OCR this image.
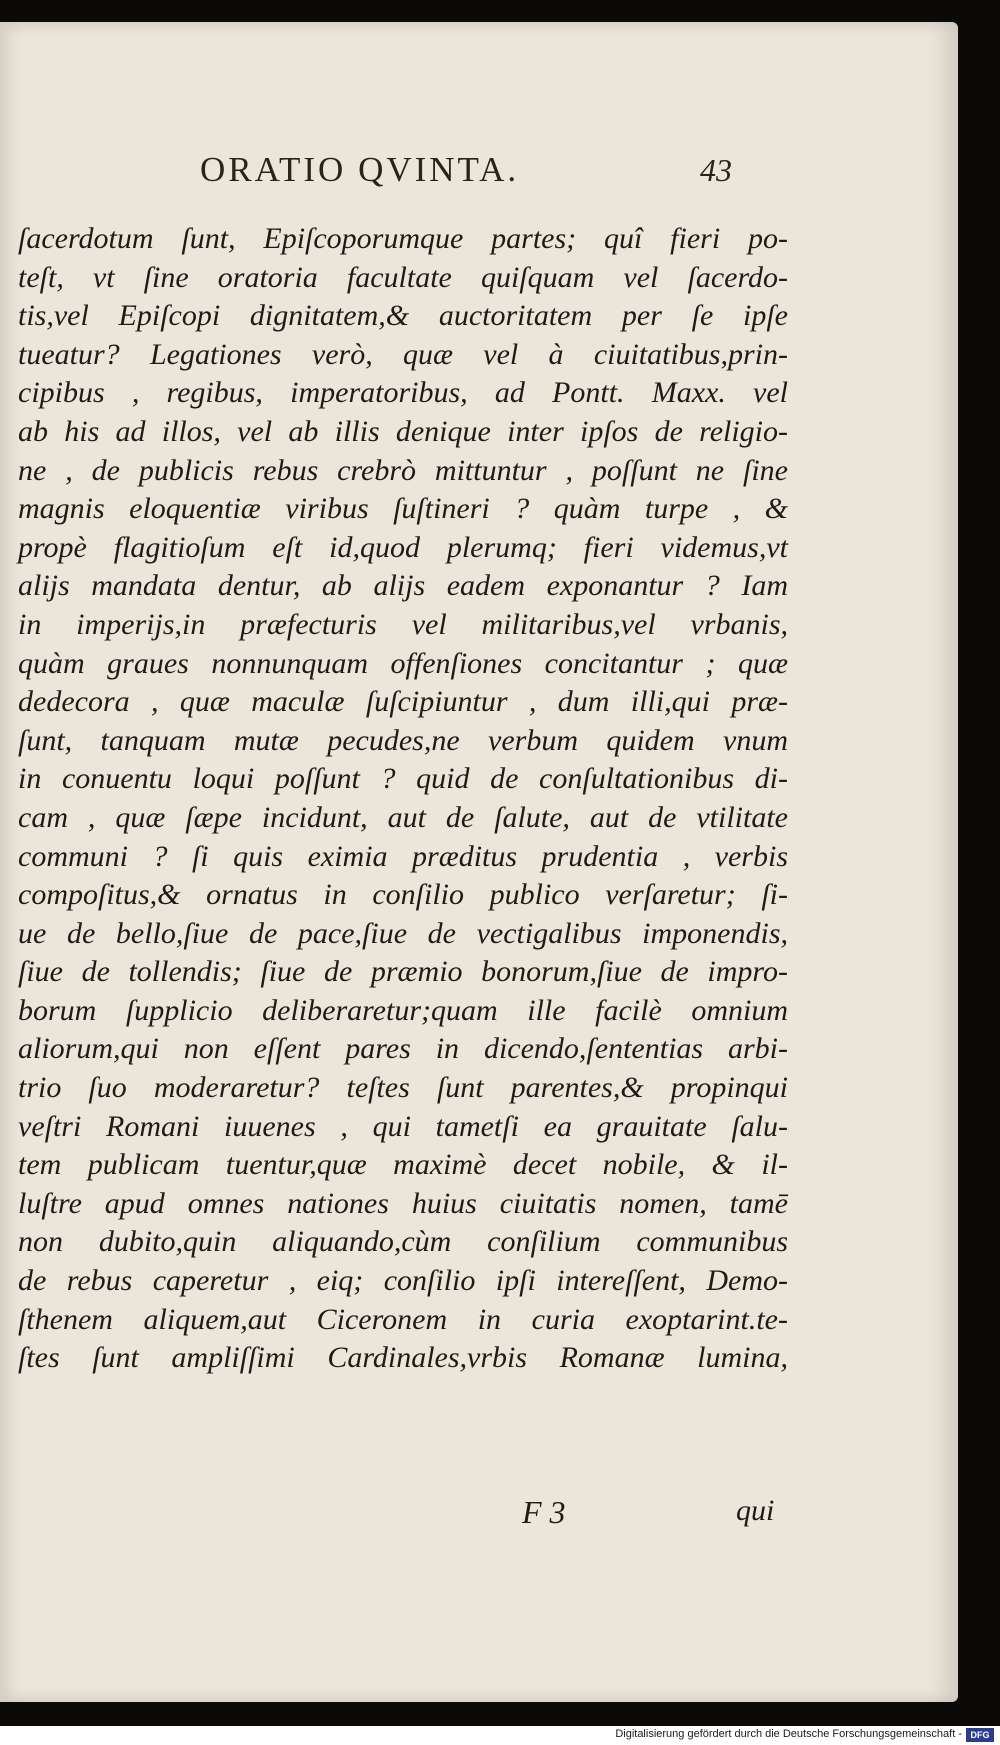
ORATIO QVINTA.	43
ſacerdotum ſunt, Epiſcoporumque partes; quî fieri po-
teſt, vt ſine oratoria facultate quiſquam vel ſacerdo-
tis,vel Epiſcopi dignitatem,& auctoritatem per ſe ipſe
tueatur? Legationes verò, quæ vel à ciuitatibus,prin-
cipibus , regibus, imperatoribus, ad Pontt. Maxx. vel
ab his ad illos, vel ab illis denique inter ipſos de religio-
ne , de publicis rebus crebrò mittuntur , poſſunt ne ſine
magnis eloquentiæ viribus ſuſtineri ? quàm turpe , &
propè flagitioſum eſt id,quod plerumq; fieri videmus,vt
alijs mandata dentur, ab alijs eadem exponantur ? Iam
in imperijs,in præfecturis vel militaribus,vel vrbanis,
quàm graues nonnunquam offenſiones concitantur ; quæ
dedecora , quæ maculæ ſuſcipiuntur , dum illi,qui præ-
ſunt, tanquam mutæ pecudes,ne verbum quidem vnum
in conuentu loqui poſſunt ? quid de conſultationibus di-
cam , quæ ſæpe incidunt, aut de ſalute, aut de vtilitate
communi ? ſi quis eximia præditus prudentia , verbis
compoſitus,& ornatus in conſilio publico verſaretur; ſi-
ue de bello,ſiue de pace,ſiue de vectigalibus imponendis,
ſiue de tollendis; ſiue de præmio bonorum,ſiue de impro-
borum ſupplicio deliberaretur;quam ille facilè omnium
aliorum,qui non eſſent pares in dicendo,ſententias arbi-
trio ſuo moderaretur? teſtes ſunt parentes,& propinqui
veſtri Romani iuuenes , qui tametſi ea grauitate ſalu-
tem publicam tuentur,quæ maximè decet nobile, & il-
luſtre apud omnes nationes huius ciuitatis nomen, tamē
non dubito,quin aliquando,cùm conſilium communibus
de rebus caperetur , eiq; conſilio ipſi intereſſent, Demo-
ſthenem aliquem,aut Ciceronem in curia exoptarint.te-
ſtes ſunt ampliſſimi Cardinales,vrbis Romanæ lumina,
F 3	qui
Digitalisierung gefördert durch die Deutsche Forschungsgemeinschaft - DFG
